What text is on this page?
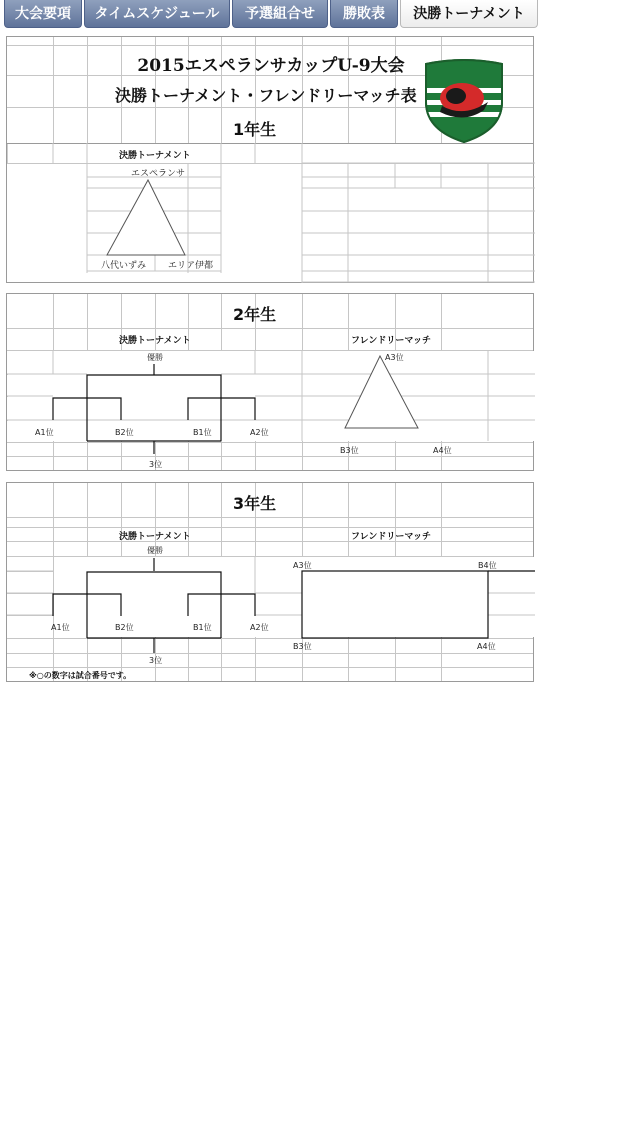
大会要項	タイムスケジュール	予選組合せ	勝敗表	決勝トーナメント
2015エスペランサカップU-9大会
決勝トーナメント・フレンドリーマッチ表
1年生
決勝トーナメント
エスペランサ
八代いずみ エリア伊都
2年生
決勝トーナメント	フレンドリーマッチ
優勝
A1位	B2位	B1位	A2位
3位
A3位
B3位	A4位
3年生
決勝トーナメント	フレンドリーマッチ
優勝
A1位	B2位	B1位	A2位
3位
A3位	B4位
B3位	A4位
※○の数字は試合番号です。
